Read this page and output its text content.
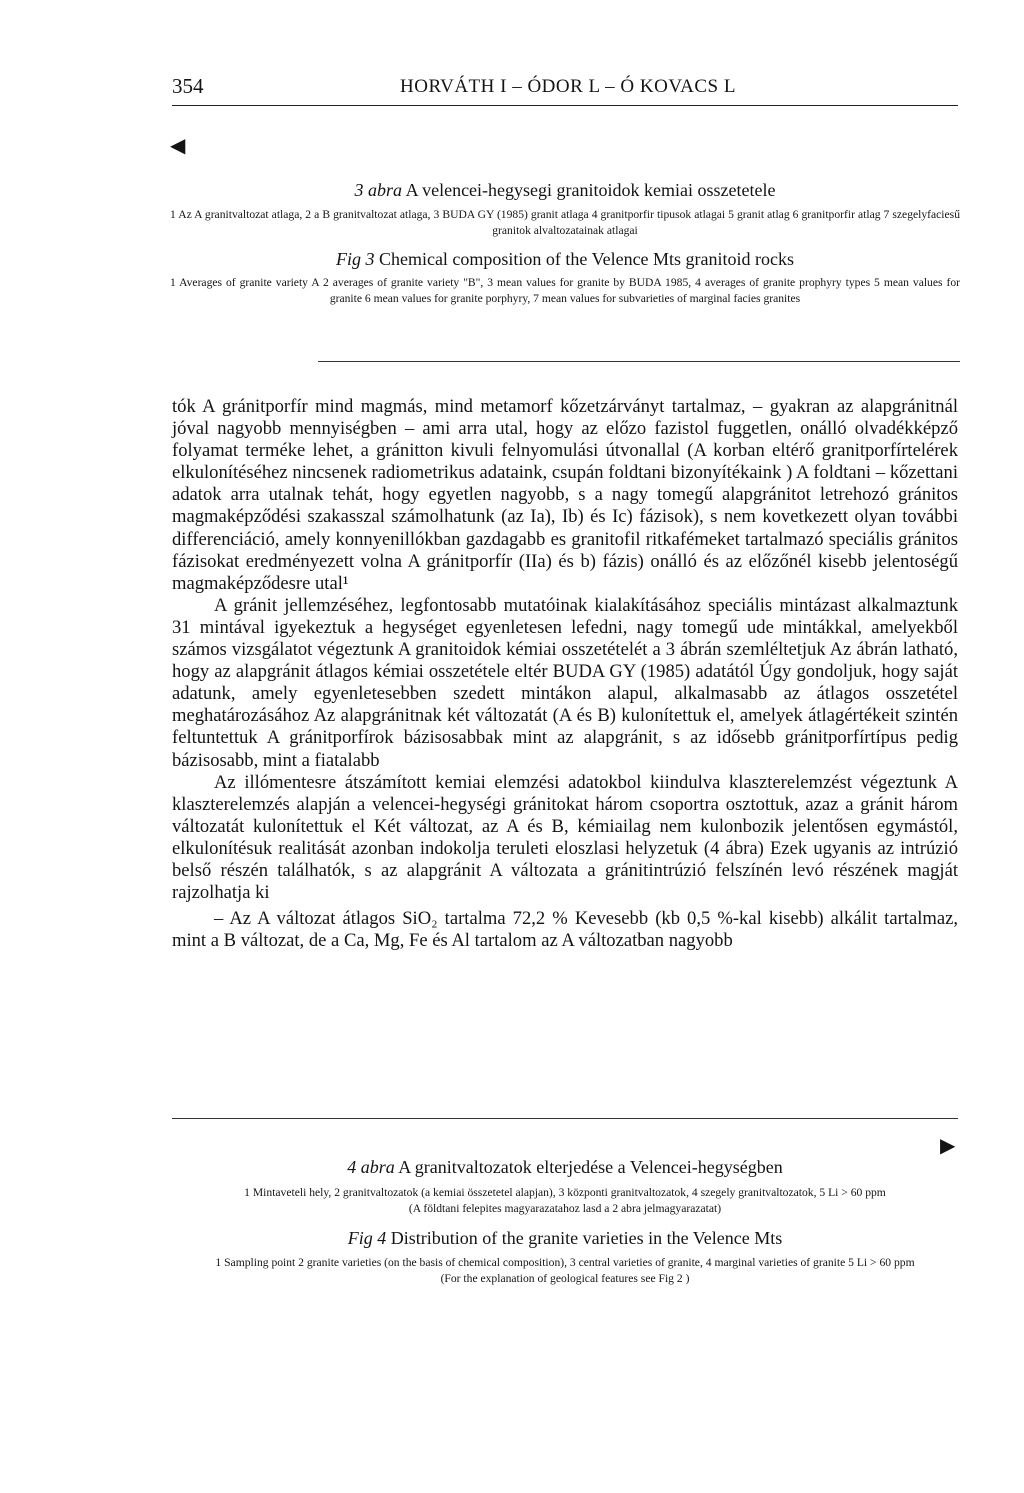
354	HORVÁTH I – ÓDOR L – Ó KOVACS L
◀
3 abra A velencei-hegysegi granitoidok kemiai osszetetele
1 Az A granitvaltozat atlaga, 2 a B granitvaltozat atlaga, 3 BUDA GY (1985) granit atlaga 4 granitporfir tipusok atlagai 5 granit atlag 6 granitporfir atlag 7 szegelyfaciesű granitok alvaltozatainak atlagai
Fig 3 Chemical composition of the Velence Mts granitoid rocks
1 Averages of granite variety A 2 averages of granite variety "B", 3 mean values for granite by BUDA 1985, 4 averages of granite prophyry types 5 mean values for granite 6 mean values for granite porphyry, 7 mean values for subvarieties of marginal facies granites

tók A gránitporfír mind magmás, mind metamorf kőzetzárványt tartalmaz, – gyakran az alapgránitnál jóval nagyobb mennyiségben – ami arra utal, hogy az előzo fazistol fuggetlen, onálló olvadékképző folyamat terméke lehet, a gránitton kivuli felnyomulási útvonallal (A korban eltérő granitporfírtelérek elkulonítéséhez nincsenek radiometrikus adataink, csupán foldtani bizonyítékaink ) A foldtani – kőzettani adatok arra utalnak tehát, hogy egyetlen nagyobb, s a nagy tomegű alapgránitot letrehozó gránitos magmaképződési szakasszal számolhatunk (az Ia), Ib) és Ic) fázisok), s nem kovetkezett olyan további differenciáció, amely konnyenillókban gazdagabb es granitofil ritkafémeket tartalmazó speciális gránitos fázisokat eredményezett volna A gránitporfír (IIa) és b) fázis) onálló és az előzőnél kisebb jelentoségű magmaképződesre utal¹

A gránit jellemzéséhez, legfontosabb mutatóinak kialakításához speciális mintázast alkalmaztunk 31 mintával igyekeztuk a hegységet egyenletesen lefedni, nagy tomegű ude mintákkal, amelyekből számos vizsgálatot végeztunk A granitoidok kémiai osszetételét a 3 ábrán szemléltetjuk Az ábrán latható, hogy az alapgránit átlagos kémiai osszetétele eltér BUDA GY (1985) adatától Úgy gondoljuk, hogy saját adatunk, amely egyenletesebben szedett mintákon alapul, alkalmasabb az átlagos osszetétel meghatározásához Az alapgránitnak két változatát (A és B) kulonítettuk el, amelyek átlagértékeit szintén feltuntettuk A gránitporfírok bázisosabbak mint az alapgránit, s az idősebb gránitporfírtípus pedig bázisosabb, mint a fiatalabb

Az illómentesre átszámított kemiai elemzési adatokbol kiindulva klaszterelemzést végeztunk A klaszterelemzés alapján a velencei-hegységi gránitokat három csoportra osztottuk, azaz a gránit három változatát kulonítettuk el Két változat, az A és B, kémiailag nem kulonbozik jelentősen egymástól, elkulonítésuk realitását azonban indokolja teruleti eloszlasi helyzetuk (4 ábra) Ezek ugyanis az intrúzió belső részén találhatók, s az alapgránit A változata a gránitintrúzió felszínén levó részének magját rajzolhatja ki

– Az A változat átlagos SiO₂ tartalma 72,2 % Kevesebb (kb 0,5 %-kal kisebb) alkálit tartalmaz, mint a B változat, de a Ca, Mg, Fe és Al tartalom az A változatban nagyobb

▶
4 abra A granitvaltozatok elterjedése a Velencei-hegységben
1 Mintaveteli hely, 2 granitvaltozatok (a kemiai összetetel alapjan), 3 központi granitvaltozatok, 4 szegely granitvaltozatok, 5 Li > 60 ppm
(A földtani felepites magyarazatahoz lasd a 2 abra jelmagyarazatat)
Fig 4 Distribution of the granite varieties in the Velence Mts
1 Sampling point 2 granite varieties (on the basis of chemical composition), 3 central varieties of granite, 4 marginal varieties of granite 5 Li > 60 ppm
(For the explanation of geological features see Fig 2 )
